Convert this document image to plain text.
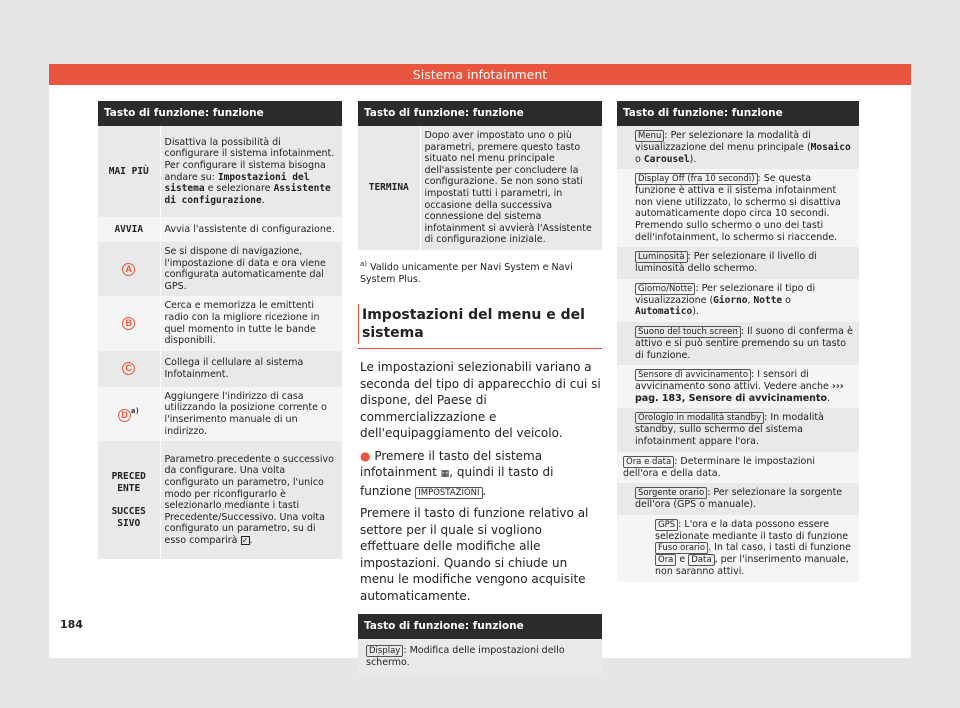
Sistema infotainment
Tasto di funzione: funzione
MAI PIÙ	Disattiva la possibilità di configurare il sistema infotainment. Per configurare il sistema bisogna andare su: Impostazioni del sistema e selezionare Assistente di configurazione.
AVVIA	Avvia l'assistente di configurazione.
A	Se si dispone di navigazione, l'impostazione di data e ora viene configurata automaticamente dal GPS.
B	Cerca e memorizza le emittenti radio con la migliore ricezione in quel momento in tutte le bande disponibili.
C	Collega il cellulare al sistema Infotainment.
D $^{a)}$	Aggiungere l'indirizzo di casa utilizzando la posizione corrente o l'inserimento manuale di un indirizzo.

PRECEDENTE
SUCCESSIVO	Parametro precedente o successivo da configurare. Una volta configurato un parametro, l'unico modo per riconfigurarlo è selezionarlo mediante i tasti Precedente/Successivo. Una volta configurato un parametro, su di esso comparirà ✓.
Tasto di funzione: funzione
TERMINA	Dopo aver impostato uno o più parametri, premere questo tasto situato nel menu principale dell'assistente per concludere la configurazione. Se non sono stati impostati tutti i parametri, in occasione della successiva connessione del sistema infotainment si avvierà l'Assistente di configurazione iniziale.
$^{a)}$ Valido unicamente per Navi System e Navi System Plus.
Impostazioni del menu e del sistema
Le impostazioni selezionabili variano a seconda del tipo di apparecchio di cui si dispone, del Paese di commercializzazione e dell'equipaggiamento del veicolo.
● Premere il tasto del sistema infotainment ▦, quindi il tasto di funzione IMPOSTAZIONI .
Premere il tasto di funzione relativo al settore per il quale si vogliono effettuare delle modifiche alle impostazioni. Quando si chiude un menu le modifiche vengono acquisite automaticamente.
Tasto di funzione: funzione
Display : Modifica delle impostazioni dello schermo.
Tasto di funzione: funzione
Menu : Per selezionare la modalità di visualizzazione del menu principale (Mosaico o Carousel).
Display Off (fra 10 secondi) : Se questa funzione è attiva e il sistema infotainment non viene utilizzato, lo schermo si disattiva automaticamente dopo circa 10 secondi. Premendo sullo schermo o uno dei tasti dell'infotainment, lo schermo si riaccende.
Luminosità : Per selezionare il livello di luminosità dello schermo.
Giorno/Notte : Per selezionare il tipo di visualizzazione (Giorno, Notte o Automatico).
Suono del touch screen : Il suono di conferma è attivo e si può sentire premendo su un tasto di funzione.
Sensore di avvicinamento : I sensori di avvicinamento sono attivi. Vedere anche ››› pag. 183, Sensore di avvicinamento.
Orologio in modalità standby : In modalità standby, sullo schermo del sistema infotainment appare l'ora.
Ora e data : Determinare le impostazioni dell'ora e della data.
Sorgente orario : Per selezionare la sorgente dell'ora (GPS o manuale).
GPS : L'ora e la data possono essere selezionate mediante il tasto di funzione Fuso orario . In tal caso, i tasti di funzione Ora e Data , per l'inserimento manuale, non saranno attivi.
184
